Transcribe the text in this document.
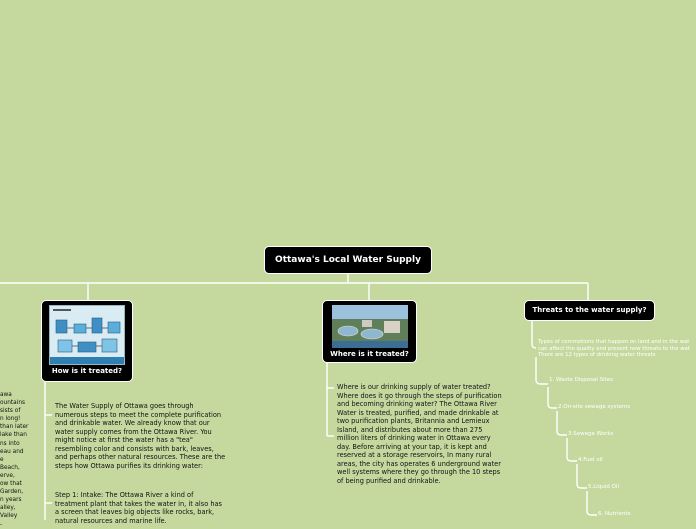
Ottawa's Local Water Supply
How is it treated?
Where is it treated?
Threats to the water supply?
awa
ountains
sists of
n long!
than later
lake than
ns into
eau and
e
Beach,
erve,
ow that
Garden,
n years
alley,
Valley
-
The Water Supply of Ottawa goes through numerous steps to meet the complete purification and drinkable water. We already know that our water supply comes from the Ottawa River. You might notice at first the water has a "tea" resembling color and consists with bark, leaves, and perhaps other natural resources. These are the steps how Ottawa purifies its drinking water:
Step 1: Intake: The Ottawa River a kind of treatment plant that takes the water in, it also has a screen that leaves big objects like rocks, bark, natural resources and marine life.
Where is our drinking supply of water treated? Where does it go through the steps of purification and becoming drinking water? The Ottawa River Water is treated, purified, and made drinkable at two purification plants, Britannia and Lemieux Island, and distributes about more than 275 million liters of drinking water in Ottawa every day. Before arriving at your tap, it is kept and reserved at a storage reservoirs, In many rural areas, the city has operates 6 underground water well systems where they go through the 10 steps of being purified and drinkable.
Types of commotions that happen on land and in the wat
can affect the quality and present new threats to the wat
There are 12 types of drinking water threats
1. Waste Disposal Sites
2.On-site sewage systems
3.Sewage Works
4.Fuel oil
5.Liquid Oil
6. Nutrients
